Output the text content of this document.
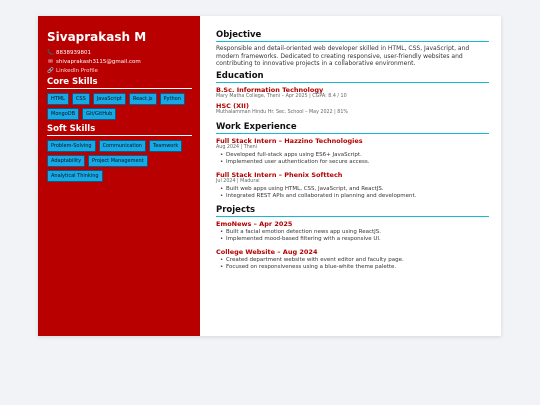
Sivaprakash M
📞 8838939801
✉ shivaprakash3115@gmail.com
🔗 LinkedIn Profile
Core Skills
HTML	CSS	JavaScript	React.js	Python
MongoDB	Git/GitHub
Soft Skills
Problem-Solving	Communication	Teamwork
Adaptability	Project Management
Analytical Thinking
Objective
Responsible and detail-oriented web developer skilled in HTML, CSS, JavaScript, and modern frameworks. Dedicated to creating responsive, user-friendly websites and contributing to innovative projects in a collaborative environment.
Education
B.Sc. Information Technology
Mary Matha College, Theni – Apr 2025 | CGPA: 8.4 / 10
HSC (XII)
Muthalamman Hindu Hr. Sec. School – May 2022 | 81%
Work Experience
Full Stack Intern – Hazzino Technologies
Aug 2024 | Theni
• Developed full-stack apps using ES6+ JavaScript.
• Implemented user authentication for secure access.
Full Stack Intern – Phenix Softtech
Jul 2024 | Madurai
• Built web apps using HTML, CSS, JavaScript, and ReactJS.
• Integrated REST APIs and collaborated in planning and development.
Projects
EmoNews – Apr 2025
• Built a facial emotion detection news app using ReactJS.
• Implemented mood-based filtering with a responsive UI.
College Website – Aug 2024
• Created department website with event editor and faculty page.
• Focused on responsiveness using a blue-white theme palette.
